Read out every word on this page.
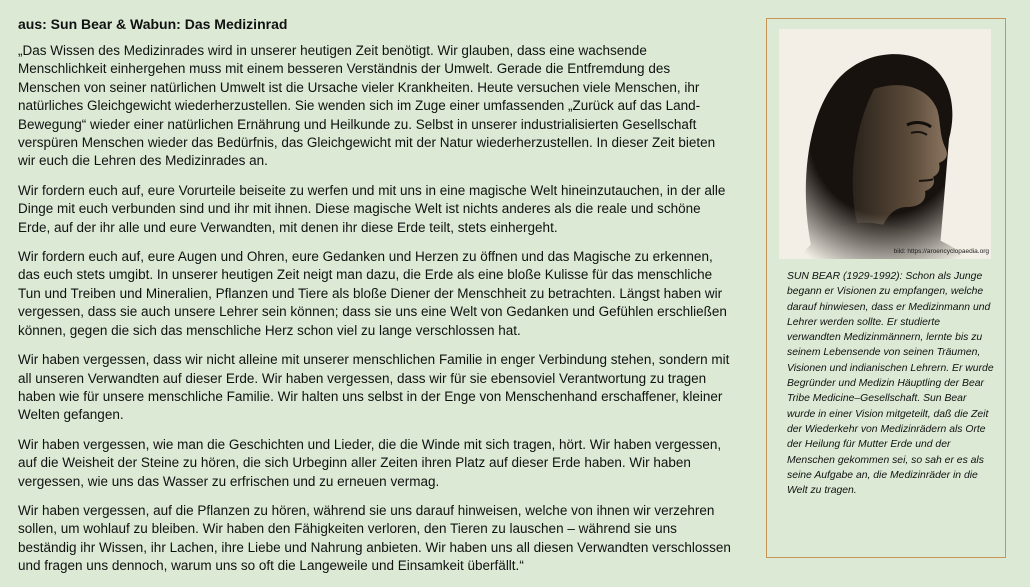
aus: Sun Bear & Wabun: Das Medizinrad

„Das Wissen des Medizinrades wird in unserer heutigen Zeit benötigt. Wir glauben, dass eine wachsende Menschlichkeit einhergehen muss mit einem besseren Verständnis der Umwelt. Gerade die Entfremdung des Menschen von seiner natürlichen Umwelt ist die Ursache vieler Krankheiten. Heute versuchen viele Menschen, ihr natürliches Gleichgewicht wiederherzustellen. Sie wenden sich im Zuge einer umfassenden „Zurück auf das Land-Bewegung“ wieder einer natürlichen Ernährung und Heilkunde zu. Selbst in unserer industrialisierten Gesellschaft verspüren Menschen wieder das Bedürfnis, das Gleichgewicht mit der Natur wiederherzustellen. In dieser Zeit bieten wir euch die Lehren des Medizinrades an.

Wir fordern euch auf, eure Vorurteile beiseite zu werfen und mit uns in eine magische Welt hineinzutauchen, in der alle Dinge mit euch verbunden sind und ihr mit ihnen. Diese magische Welt ist nichts anderes als die reale und schöne Erde, auf der ihr alle und eure Verwandten, mit denen ihr diese Erde teilt, stets einhergeht.

Wir fordern euch auf, eure Augen und Ohren, eure Gedanken und Herzen zu öffnen und das Magische zu erkennen, das euch stets umgibt. In unserer heutigen Zeit neigt man dazu, die Erde als eine bloße Kulisse für das menschliche Tun und Treiben und Mineralien, Pflanzen und Tiere als bloße Diener der Menschheit zu betrachten. Längst haben wir vergessen, dass sie auch unsere Lehrer sein können; dass sie uns eine Welt von Gedanken und Gefühlen erschließen können, gegen die sich das menschliche Herz schon viel zu lange verschlossen hat.

Wir haben vergessen, dass wir nicht alleine mit unserer menschlichen Familie in enger Verbindung stehen, sondern mit all unseren Verwandten auf dieser Erde. Wir haben vergessen, dass wir für sie ebensoviel Verantwortung zu tragen haben wie für unsere menschliche Familie. Wir halten uns selbst in der Enge von Menschenhand erschaffener, kleiner Welten gefangen.

Wir haben vergessen, wie man die Geschichten und Lieder, die die Winde mit sich tragen, hört. Wir haben vergessen, auf die Weisheit der Steine zu hören, die sich Urbeginn aller Zeiten ihren Platz auf dieser Erde haben. Wir haben vergessen, wie uns das Wasser zu erfrischen und zu erneuen vermag.

Wir haben vergessen, auf die Pflanzen zu hören, während sie uns darauf hinweisen, welche von ihnen wir verzehren sollen, um wohlauf zu bleiben. Wir haben den Fähigkeiten verloren, den Tieren zu lauschen – während sie uns beständig ihr Wissen, ihr Lachen, ihre Liebe und Nahrung anbieten. Wir haben uns all diesen Verwandten verschlossen und fragen uns dennoch, warum uns so oft die Langeweile und Einsamkeit überfällt.“

bild: https://aroencyclopaedia.org
SUN BEAR (1929-1992): Schon als Junge begann er Visionen zu empfangen, welche darauf hinwiesen, dass er Medizinmann und Lehrer werden sollte. Er studierte verwandten Medizinmännern, lernte bis zu seinem Lebensende von seinen Träumen, Visionen und indianischen Lehrern. Er wurde Begründer und Medizin Häuptling der Bear Tribe Medicine–Gesellschaft. Sun Bear wurde in einer Vision mitgeteilt, daß die Zeit der Wiederkehr von Medizinrädern als Orte der Heilung für Mutter Erde und der Menschen gekommen sei, so sah er es als seine Aufgabe an, die Medizinräder in die Welt zu tragen.
